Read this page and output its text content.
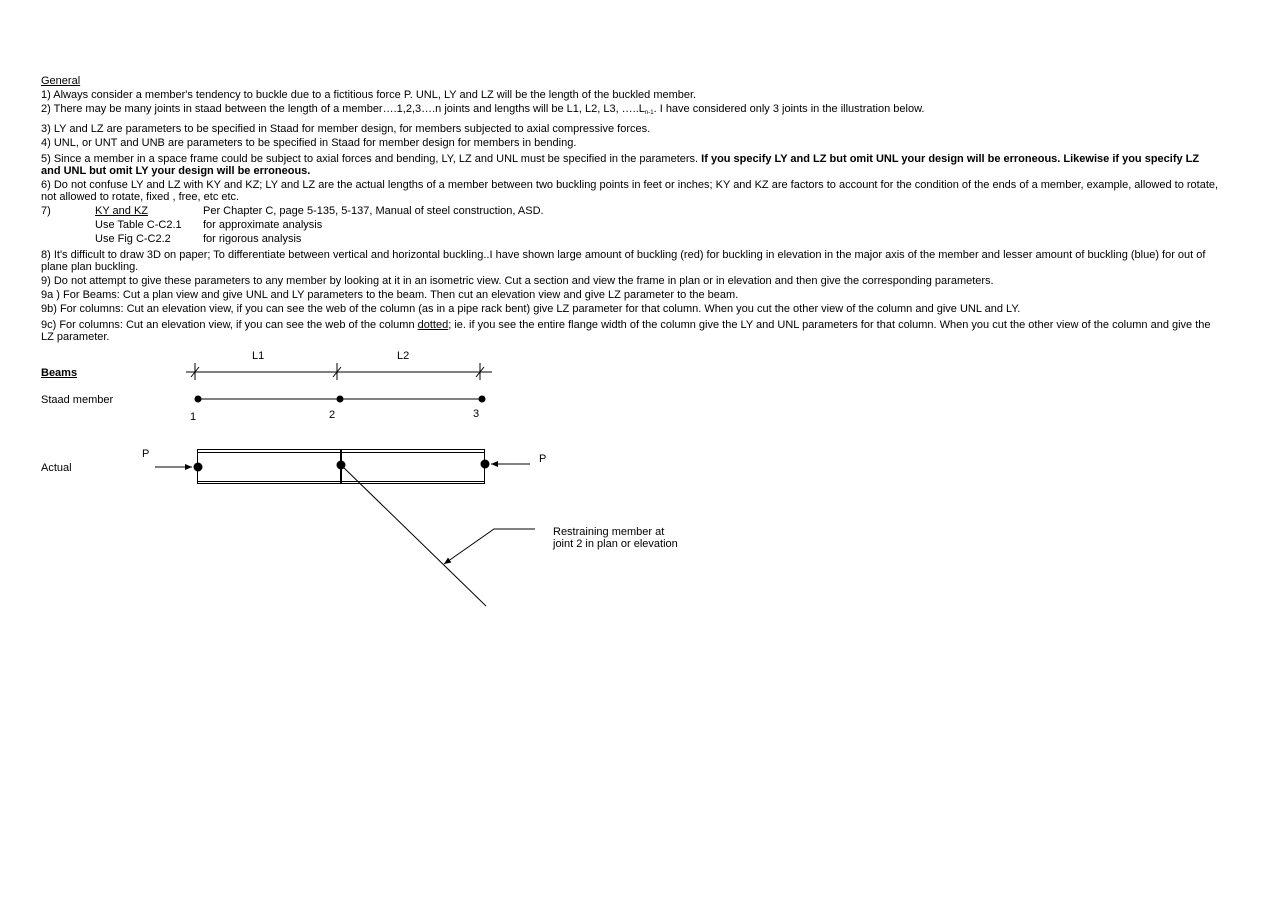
General
1) Always consider a member's tendency to buckle due to a fictitious force P. UNL, LY and LZ will be the length of the buckled member.
2) There may be many joints in staad between the length of a member….1,2,3….n joints and lengths will be L1, L2, L3, $\dots..L_{n-1}$. I have considered only 3 joints in the illustration below.
3) LY and LZ are parameters to be specified in Staad for member design, for members subjected to axial compressive forces.
4) UNL, or UNT and UNB are parameters to be specified in Staad for member design for members in bending.
5) Since a member in a space frame could be subject to axial forces and bending, LY, LZ and UNL must be specified in the parameters. If you specify LY and LZ but omit UNL your design will be erroneous. Likewise if you specify LZ and UNL but omit LY your design will be erroneous.
6) Do not confuse LY and LZ with KY and KZ; LY and LZ are the actual lengths of a member between two buckling points in feet or inches; KY and KZ are factors to account for the condition of the ends of a member, example, allowed to rotate, not allowed to rotate, fixed , free, etc etc.
7)	KY and KZ	Per Chapter C, page 5-135, 5-137, Manual of steel construction, ASD.
Use Table C-C2.1 for approximate analysis
Use Fig C-C2.2	for rigorous analysis
8) It's difficult to draw 3D on paper; To differentiate between vertical and horizontal buckling..I have shown large amount of buckling (red) for buckling in elevation in the major axis of the member and lesser amount of buckling (blue) for out of plane plan buckling.
9) Do not attempt to give these parameters to any member by looking at it in an isometric view. Cut a section and view the frame in plan or in elevation and then give the corresponding parameters.
9a ) For Beams: Cut a plan view and give UNL and LY parameters to the beam. Then cut an elevation view and give LZ parameter to the beam.
9b) For columns: Cut an elevation view, if you can see the web of the column (as in a pipe rack bent) give LZ parameter for that column. When you cut the other view of the column and give UNL and LY.
9c) For columns: Cut an elevation view, if you can see the web of the column dotted; ie. if you see the entire flange width of the column give the LY and UNL parameters for that column. When you cut the other view of the column and give the LZ parameter.
Beams
Staad member
Actual
L1	L2
1	2	3
P	P
Restraining member at
joint 2 in plan or elevation
